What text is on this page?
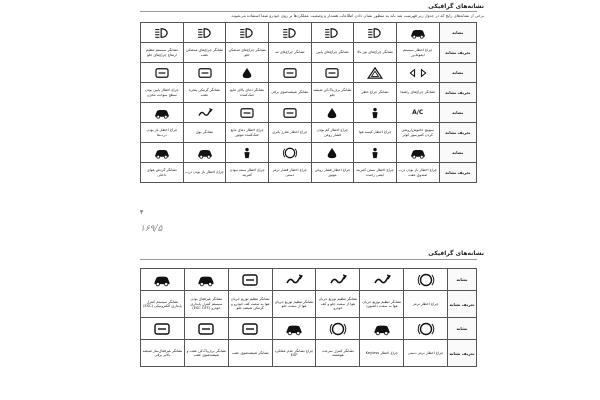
نشانه‌های گرافیکی
برخی از نشانه‌های رایج که در جدول زیر فهرست شد باید به منظور نشان دادن اطلاعات هشدار و وضعیت عملکردها بر روی خودرو شما استفاده می‌شوند.
نشانه	

تعریف نشانه	چراغ اخطار سیستم ایموبلایزر	نشانگر چراغ‌های نور بالا	نشانگر چراغ‌های پایین	نشانگر چراغ‌های مه	نشانگر چراغ‌های مه‌شکن جلو	نشانگر چراغ‌های مه‌شکن عقب	نشانگر سیستم تنظیم ارتفاع چراغ‌های جلو
نشانه	

تعریف نشانه	نشانگر چراغ‌های راهنما	نشانگر چراغ خطر	نشانگر برف‌پاک‌کن شیشه جلو	نشانگر شیشه‌شوی برقی	نشانگر دمای بالای مایع خنک‌کننده	نشانگر گرمکن پنجره عقب	چراغ اخطار پایین بودن سطح سوخت مخزن
نشانه	A/C	

تعریف نشانه	سوییچ خاموش/روشن کردن کمپرسور کولر	چراغ اخطار کیسه هوا	چراغ اخطار کم بودن فشار روغن	چراغ اخطار شارژ باتری	چراغ اخطار دمای مایع خنک‌کننده موتور	نشانگر بوق	چراغ اخطار باز بودن درب‌ها
نشانه	

تعریف نشانه	چراغ اخطار باز بودن درب صندوق عقب	چراغ اخطار بستن کمربند ایمنی راننده	چراغ اخطار فشار روغن موتور	چراغ اخطار فشار ترمز دستی	چراغ اخطار بسته نبودن کمربند	چراغ اخطار باز بودن درب	نشانگر گردش هوای داخلی
۳
۱۶۹/۵
نشانه‌های گرافیکی
نشانه	

تعریف نشانه	چراغ اخطار ترمز	نشانگر تنظیم توزیع جریان هوا به سمت داشبورد	نشانگر تنظیم توزیع جریان هوا از سمت جلو و کف خودرو	نشانگر تنظیم توزیع جریان هوا از سمت جلو	نشانگر تنظیم توزیع جریان هوا به سمت کف خودرو و گرمکن شیشه جلو	نشانگر غیرفعال بودن سیستم کنترل پایداری خودرو (ESC OFF)	نشانگر سیستم کنترل پایداری الکترونیکی (ESC)
نشانه	

تعریف نشانه	چراغ اخطار ترمز دستی	چراغ اخطار Keyless	نشانگر کنترل سرعت هوشمند	چراغ نشانگر عدم عملکرد ESP	نشانگر شیشه‌شوی عقب	نشانگر برف‌پاک‌کن عقب و شیشه‌شوی عقب	نشانگر غیرفعال‌ساز شیشه بالابر برقی
